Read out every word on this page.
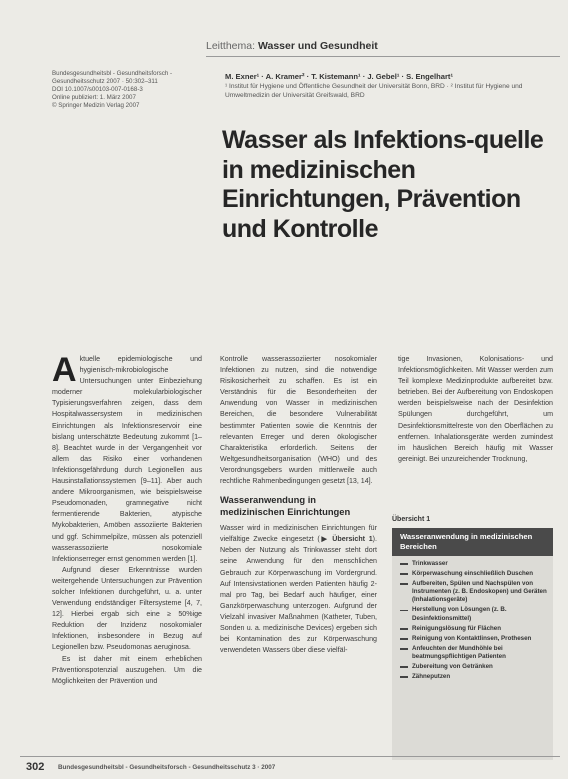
Leitthema: Wasser und Gesundheit
Bundesgesundheitsbl - Gesundheitsforsch -
Gesundheitsschutz 2007 · 50:302–311
DOI 10.1007/s00103-007-0168-3
Online publiziert: 1. März 2007
© Springer Medizin Verlag 2007
M. Exner¹ · A. Kramer² · T. Kistemann¹ · J. Gebel¹ · S. Engelhart¹
¹ Institut für Hygiene und Öffentliche Gesundheit der Universität Bonn, BRD · ² Institut für Hygiene und Umweltmedizin der Universität Greifswald, BRD
Wasser als Infektions-quelle in medizinischen Einrichtungen, Prävention und Kontrolle

Aktuelle epidemiologische und hygienisch-mikrobiologische Untersuchungen unter Einbeziehung moderner molekularbiologischer Typisierungsverfahren zeigen, dass dem Hospitalwassersystem in medizinischen Einrichtungen als Infektionsreservoir eine bislang unterschätzte Bedeutung zukommt [1–8]. Beachtet wurde in der Vergangenheit vor allem das Risiko einer vorhandenen Infektionsgefährdung durch Legionellen aus Hausinstallationssystemen [9–11]. Aber auch andere Mikroorganismen, wie beispielsweise Pseudomonaden, gramnegative nicht fermentierende Bakterien, atypische Mykobakterien, Amöben assoziierte Bakterien und ggf. Schimmelpilze, müssen als potenziell wasserassoziierte nosokomiale Infektionserreger ernst genommen werden [1].

Aufgrund dieser Erkenntnisse wurden weitergehende Untersuchungen zur Prävention solcher Infektionen durchgeführt, u. a. unter Verwendung endständiger Filtersysteme [4, 7, 12]. Hierbei ergab sich eine ≥ 50%ige Reduktion der Inzidenz nosokomialer Infektionen, insbesondere in Bezug auf Legionellen bzw. Pseudomonas aeruginosa.

Es ist daher mit einem erheblichen Präventionspotenzial auszugehen. Um die Möglichkeiten der Prävention und

Kontrolle wasserassoziierter nosokomialer Infektionen zu nutzen, sind die notwendige Risikosicherheit zu schaffen. Es ist ein Verständnis für die Besonderheiten der Anwendung von Wasser in medizinischen Bereichen, die besondere Vulnerabilität bestimmter Patienten sowie die Kenntnis der relevanten Erreger und deren ökologischer Charakteristika erforderlich. Seitens der Weltgesundheitsorganisation (WHO) und des Verordnungsgebers wurden mittlerweile auch rechtliche Rahmenbedingungen gesetzt [13, 14].

Wasseranwendung in medizinischen Einrichtungen

Wasser wird in medizinischen Einrichtungen für vielfältige Zwecke eingesetzt (▶ Übersicht 1). Neben der Nutzung als Trinkwasser steht dort seine Anwendung für den menschlichen Gebrauch zur Körperwaschung im Vordergrund. Auf Intensivstationen werden Patienten häufig 2-mal pro Tag, bei Bedarf auch häufiger, einer Ganzkörperwaschung unterzogen. Aufgrund der Vielzahl invasiver Maßnahmen (Katheter, Tuben, Sonden u. a. medizinische Devices) ergeben sich bei Kontamination des zur Körperwaschung verwendeten Wassers über diese vielfäl-

tige Invasionen, Kolonisations- und Infektionsmöglichkeiten. Mit Wasser werden zum Teil komplexe Medizinprodukte aufbereitet bzw. betrieben. Bei der Aufbereitung von Endoskopen werden beispielsweise nach der Desinfektion Spülungen durchgeführt, um Desinfektionsmittelreste von den Oberflächen zu entfernen. Inhalationsgeräte werden zumindest im häuslichen Bereich häufig mit Wasser gereinigt. Bei unzureichender Trocknung,

Übersicht 1
Wasseranwendung in medizinischen Bereichen
Trinkwasser
Körperwaschung einschließlich Duschen
Aufbereiten, Spülen und Nachspülen von Instrumenten (z. B. Endoskopen) und Geräten (Inhalationsgeräte)
Herstellung von Lösungen (z. B. Desinfektionsmittel)
Reinigungslösung für Flächen
Reinigung von Kontaktlinsen, Prothesen
Anfeuchten der Mundhöhle bei beatmungspflichtigen Patienten
Zubereitung von Getränken
Zähneputzen
302 Bundesgesundheitsbl - Gesundheitsforsch - Gesundheitsschutz 3 · 2007
